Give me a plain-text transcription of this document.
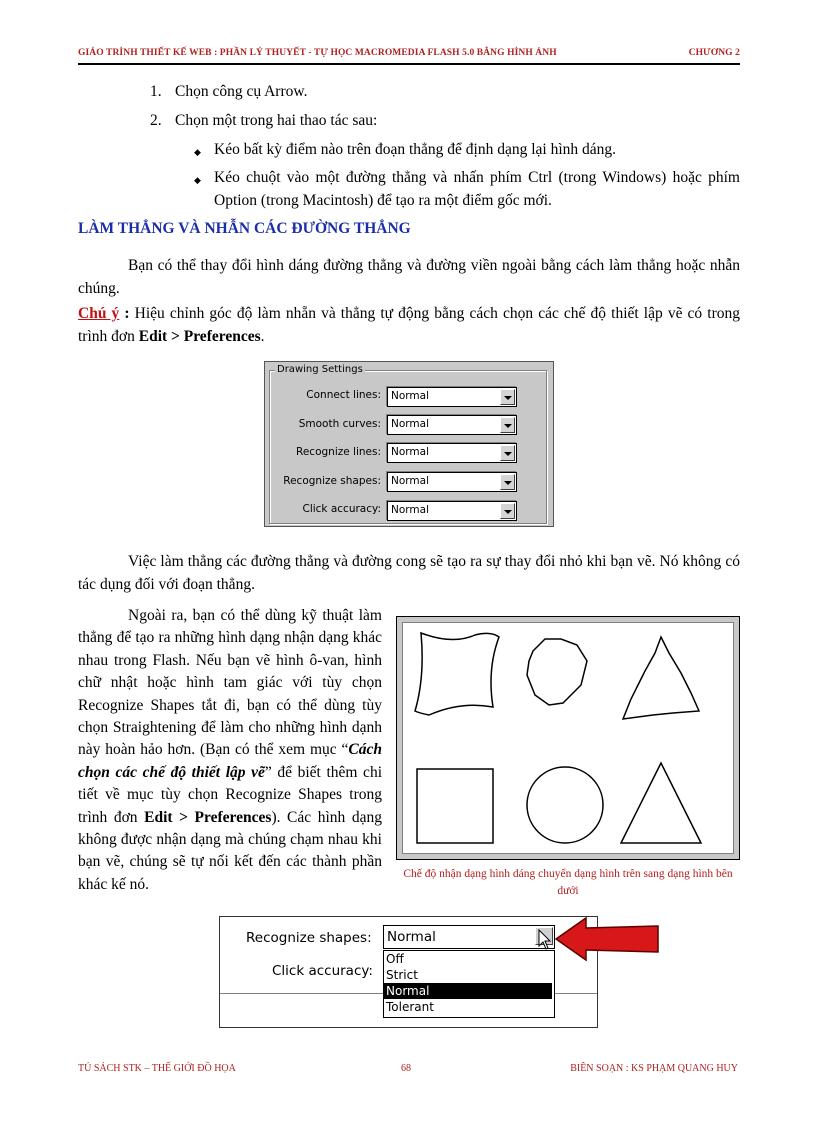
GIÁO TRÌNH THIẾT KẾ WEB : PHẦN LÝ THUYẾT - TỰ HỌC MACROMEDIA FLASH 5.0 BẰNG HÌNH ẢNH	CHƯƠNG 2
1. Chọn công cụ Arrow.
2. Chọn một trong hai thao tác sau:
◆ Kéo bất kỳ điểm nào trên đoạn thẳng để định dạng lại hình dáng.
◆ Kéo chuột vào một đường thẳng và nhấn phím Ctrl (trong Windows) hoặc phím Option (trong Macintosh) để tạo ra một điểm gốc mới.
LÀM THẲNG VÀ NHẪN CÁC ĐƯỜNG THẲNG
Bạn có thể thay đổi hình dáng đường thẳng và đường viền ngoài bằng cách làm thẳng hoặc nhẫn chúng.
Chú ý : Hiệu chỉnh góc độ làm nhẵn và thẳng tự động bằng cách chọn các chế độ thiết lập vẽ có trong trình đơn Edit > Preferences.
Drawing Settings
Connect lines: Normal
Smooth curves: Normal
Recognize lines: Normal
Recognize shapes: Normal
Click accuracy: Normal
Việc làm thẳng các đường thẳng và đường cong sẽ tạo ra sự thay đổi nhỏ khi bạn vẽ. Nó không có tác dụng đối với đoạn thẳng.
Ngoài ra, bạn có thể dùng kỹ thuật làm thẳng để tạo ra những hình dạng nhận dạng khác nhau trong Flash. Nếu bạn vẽ hình ô-van, hình chữ nhật hoặc hình tam giác với tùy chọn Recognize Shapes tắt đi, bạn có thể dùng tùy chọn Straightening để làm cho những hình dạnh này hoàn hảo hơn. (Bạn có thể xem mục “Cách chọn các chế độ thiết lập vẽ” để biết thêm chi tiết về mục tùy chọn Recognize Shapes trong trình đơn Edit > Preferences). Các hình dạng không được nhận dạng mà chúng chạm nhau khi bạn vẽ, chúng sẽ tự nối kết đến các thành phần khác kế nó.
Chế độ nhận dạng hình dáng chuyển dạng hình trên sang dạng hình bên dưới
Recognize shapes: Normal
Click accuracy:
Off
Strict
Normal
Tolerant
TỦ SÁCH STK – THẾ GIỚI ĐỒ HỌA	68	BIÊN SOẠN : KS PHẠM QUANG HUY
